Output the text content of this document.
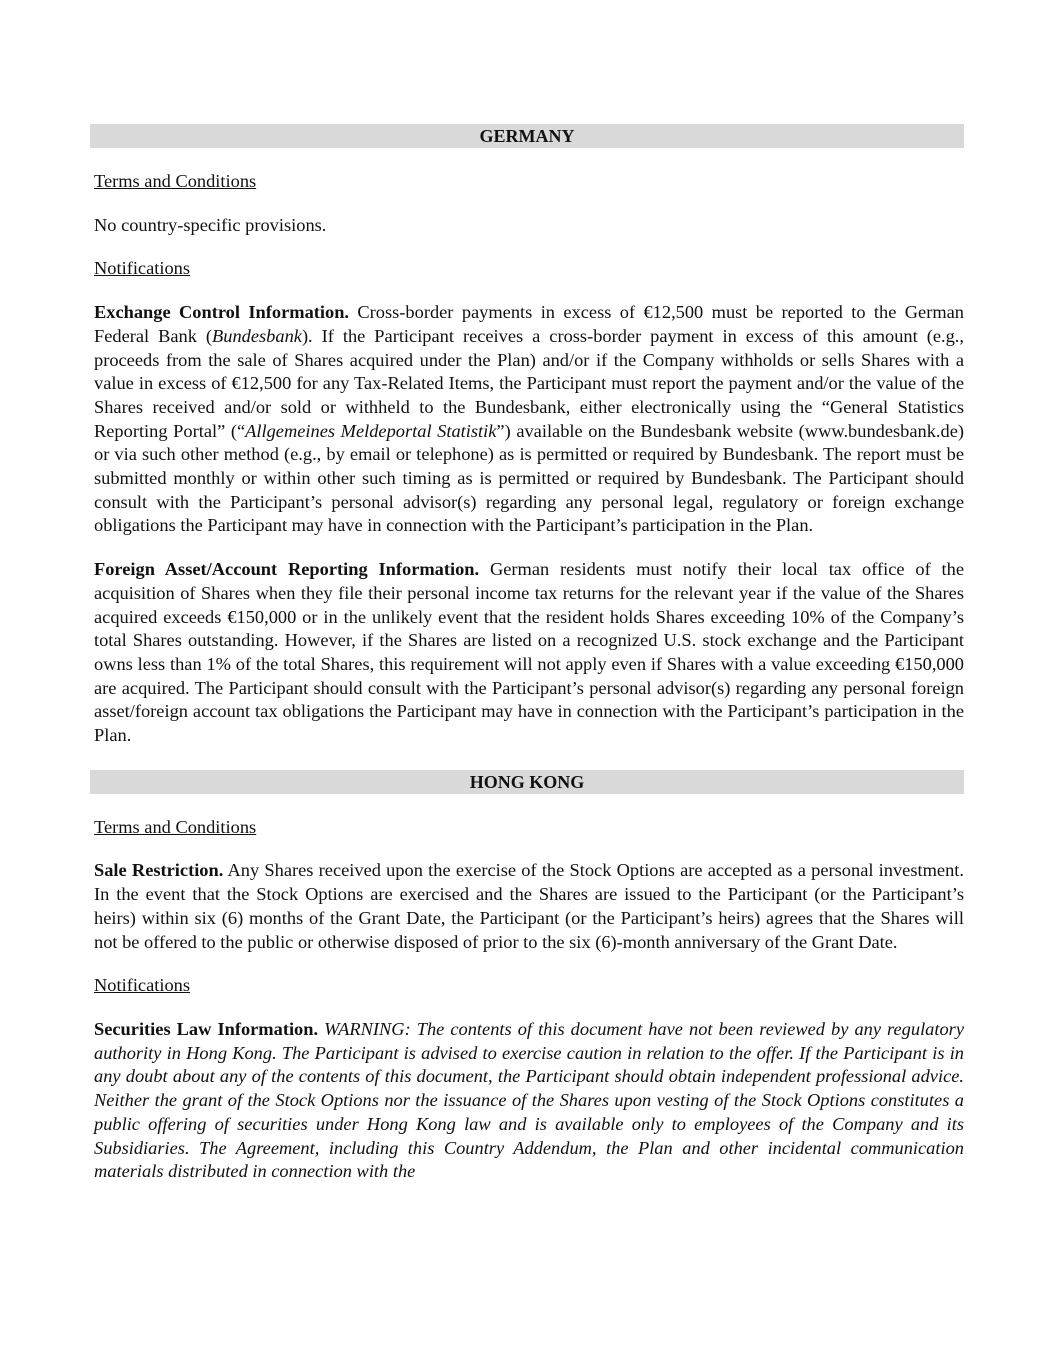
GERMANY

Terms and Conditions

No country-specific provisions.

Notifications

Exchange Control Information. Cross-border payments in excess of €12,500 must be reported to the German Federal Bank (Bundesbank). If the Participant receives a cross-border payment in excess of this amount (e.g., proceeds from the sale of Shares acquired under the Plan) and/or if the Company withholds or sells Shares with a value in excess of €12,500 for any Tax-Related Items, the Participant must report the payment and/or the value of the Shares received and/or sold or withheld to the Bundesbank, either electronically using the “General Statistics Reporting Portal” (“Allgemeines Meldeportal Statistik”) available on the Bundesbank website (www.bundesbank.de) or via such other method (e.g., by email or telephone) as is permitted or required by Bundesbank. The report must be submitted monthly or within other such timing as is permitted or required by Bundesbank. The Participant should consult with the Participant’s personal advisor(s) regarding any personal legal, regulatory or foreign exchange obligations the Participant may have in connection with the Participant’s participation in the Plan.

Foreign Asset/Account Reporting Information. German residents must notify their local tax office of the acquisition of Shares when they file their personal income tax returns for the relevant year if the value of the Shares acquired exceeds €150,000 or in the unlikely event that the resident holds Shares exceeding 10% of the Company’s total Shares outstanding. However, if the Shares are listed on a recognized U.S. stock exchange and the Participant owns less than 1% of the total Shares, this requirement will not apply even if Shares with a value exceeding €150,000 are acquired. The Participant should consult with the Participant’s personal advisor(s) regarding any personal foreign asset/foreign account tax obligations the Participant may have in connection with the Participant’s participation in the Plan.

HONG KONG

Terms and Conditions

Sale Restriction. Any Shares received upon the exercise of the Stock Options are accepted as a personal investment. In the event that the Stock Options are exercised and the Shares are issued to the Participant (or the Participant’s heirs) within six (6) months of the Grant Date, the Participant (or the Participant’s heirs) agrees that the Shares will not be offered to the public or otherwise disposed of prior to the six (6)-month anniversary of the Grant Date.

Notifications

Securities Law Information. WARNING: The contents of this document have not been reviewed by any regulatory authority in Hong Kong. The Participant is advised to exercise caution in relation to the offer. If the Participant is in any doubt about any of the contents of this document, the Participant should obtain independent professional advice. Neither the grant of the Stock Options nor the issuance of the Shares upon vesting of the Stock Options constitutes a public offering of securities under Hong Kong law and is available only to employees of the Company and its Subsidiaries. The Agreement, including this Country Addendum, the Plan and other incidental communication materials distributed in connection with the
